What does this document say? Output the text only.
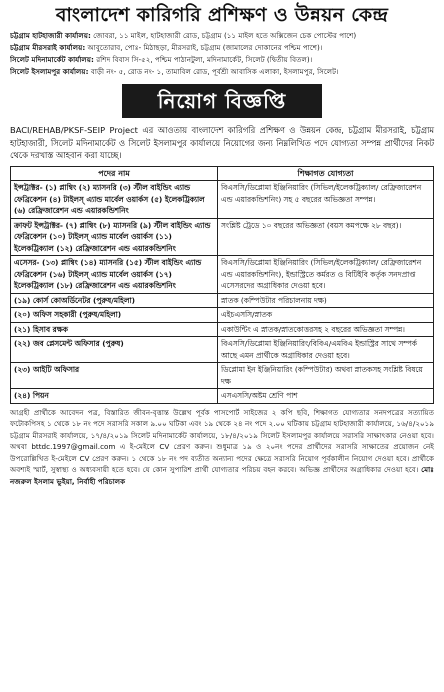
বাংলাদেশ কারিগরি প্রশিক্ষণ ও উন্নয়ন কেন্দ্র
চট্টগ্রাম হাটহাজারী কার্যালয়: জোবরা, ১১ মাইল, হাটহাজারী রোড, চট্টগ্রাম (১১ মাইল হতে অক্সিজেন চেক পোস্টের পাশে)
চট্টগ্রাম মীরসরাই কার্যালয়: আবুতোরাব, পোঃ- মিঠাছড়া, মীরসরাই, চট্টগ্রাম (জামালের দোকানের পশ্চিম পাশে)।
সিলেট মদিনামার্কেট কার্যালয়: রশিদ বিবাস সি-৫২, পশ্চিম পাঠানটুলা, মদিনামার্কেট, সিলেট (দ্বিতীয় বিতল)।
সিলেট ইসলামপুর কার্যালয়: বাড়ী নং- ৫, রোড নং- ১, তামাবিল রোড, পূর্বশ্রী আবাসিক এলাকা, ইসলামপুর, সিলেট।
নিয়োগ বিজ্ঞপ্তি
BACI/REHAB/PKSF-SEIP Project এর আওতায় বাংলাদেশ কারিগরি প্রশিক্ষণ ও উন্নয়ন কেন্দ্র, চট্টগ্রাম মীরসরাই, চট্টগ্রাম হাটহাজারী, সিলেট মদিনামার্কেট ও সিলেট ইসলামপুর কার্যালয়ে নিয়োগের জন্য নিম্নলিখিত পদে যোগ্যতা সম্পন্ন প্রার্থীদের নিকট থেকে দরখাস্ত আহবান করা যাচ্ছে।
পদের নাম	শিক্ষাগত যোগ্যতা
ইন্সট্রাক্টর- (১) প্লাম্বিং (২) ম্যাসনরি (৩) স্টীল বাইন্ডিং এ্যান্ড ফেব্রিকেশন (৪) টাইলস্ এ্যান্ড মার্বেল ওয়ার্কস (৫) ইলেকট্রিক্যাল (৬) রেফ্রিজারেশন এন্ড এয়ারকন্ডিশনিং	বিএসসি/ডিপ্লোমা ইঞ্জিনিয়ারিং (সিভিল/ইলেকট্রিক্যাল/ রেফ্রিজারেশন এন্ড এয়ারকন্ডিশনিং) সহ ৫ বছরের অভিজ্ঞতা সম্পন্ন।
ক্রাফট ইন্সট্রাক্টর- (৭) প্লাম্বিং (৮) ম্যাসনরি (৯) স্টীল বাইন্ডিং এ্যান্ড ফেব্রিকেশন (১০) টাইলস্ এ্যান্ড মার্বেল ওয়ার্কস (১১) ইলেকট্রিক্যাল (১২) রেফ্রিজারেশন এন্ড এয়ারকন্ডিশনিং	সংশ্লিষ্ট ট্রেডে ১০ বছরের অভিজ্ঞতা (বয়স কমপক্ষে ২৮ বছর)।
এসেসর- (১৩) প্লাম্বিং (১৪) ম্যাসনরি (১৫) স্টীল বাইন্ডিং এ্যান্ড ফেব্রিকেশন (১৬) টাইলস্ এ্যান্ড মার্বেল ওয়ার্কস (১৭) ইলেকট্রিক্যাল (১৮) রেফ্রিজারেশন এন্ড এয়ারকন্ডিশনিং	বিএসসি/ডিপ্লোমা ইঞ্জিনিয়ারিং (সিভিল/ইলেকট্রিক্যাল/ রেফ্রিজারেশন এন্ড এয়ারকন্ডিশনিং), ইন্ডাস্ট্রিতে কর্মরত ও বিটিইবি কর্তৃক সনদপ্রাপ্ত এসেসরদের অগ্রাধিকার দেওয়া হবে।
(১৯) কোর্স কোঅর্ডিনেটর (পুরুষ/মহিলা)	স্নাতক (কম্পিউটার পরিচালনায় দক্ষ)
(২০) অফিস সহকারী (পুরুষ/মহিলা)	এইচএসসি/স্নাতক
(২১) হিসাব রক্ষক	একাউন্টিং এ স্নাতক/স্নাতকোত্তরসহ ২ বছরের অভিজ্ঞতা সম্পন্ন।
(২২) জব প্লেসমেন্ট অফিসার (পুরুষ)	বিএসসি/ডিপ্লোমা ইঞ্জিনিয়ারিং/বিবিএ/এমবিএ ইন্ডাস্ট্রির সাথে সম্পর্ক আছে এমন প্রার্থীকে অগ্রাধিকার দেওয়া হবে।
(২৩) আইটি অফিসার	ডিপ্লোমা ইন ইঞ্জিনিয়ারিং (কম্পিউটার) অথবা স্নাতকসহ সংশ্লিষ্ট বিষয়ে দক্ষ
(২৪) পিয়ন	এসএসসি/অষ্টম শ্রেণি পাশ
আগ্রহী প্রার্থীকে আবেদন পত্র, বিস্তারিত জীবন-বৃত্তান্ত উল্লেখ পূর্বক পাসপোর্ট সাইজের ২ কপি ছবি, শিক্ষাগত যোগ্যতার সনদপত্রের সত্যায়িত ফটোকপিসহ ১ থেকে ১৮ নং পদে সরাসরি সকাল ৯.০০ ঘটিকা এবং ১৯ থেকে ২৪ নং পদে ২.০০ ঘটিকায় চট্টগ্রাম হাটহাজারী কার্যালয়ে, ১৬/৪/২০১৯ চট্টগ্রাম মীরসরাই কার্যালয়ে, ১৭/৪/২০১৯ সিলেট মদিনামার্কেট কার্যালয়ে, ১৮/৪/২০১৯ সিলেট ইসলামপুর কার্যালয়ে সরাসরি সাক্ষাৎকার নেওয়া হবে। অথবা bttdc.1997@gmail.com এ ই-মেইলে CV প্রেরণ করুন। শুধুমাত্র ১৯ ও ২০নং পদের প্রার্থীদের সরাসরি সাক্ষাতের প্রয়োজন নেই উপরোল্লিখিত ই-মেইলে CV প্রেরণ করুন। ১ থেকে ১৮ নং পদ ব্যতীত অন্যান্য পদের ক্ষেত্রে সরাসরি নিয়োগ পূর্বকালীন নিয়োগ দেওয়া হবে। প্রার্থীকে অবশ্যই স্মার্ট, সুস্বাস্থ্য ও অধ্যবসায়ী হতে হবে। যে কোন সুপারিশ প্রার্থী যোগ্যতার পরিচয় বহন করবে। অভিজ্ঞ প্রার্থীদের অগ্রাধিকার দেওয়া হবে। মোঃ নজরুল ইসলাম ভুইয়া, নির্বাহী পরিচালক
